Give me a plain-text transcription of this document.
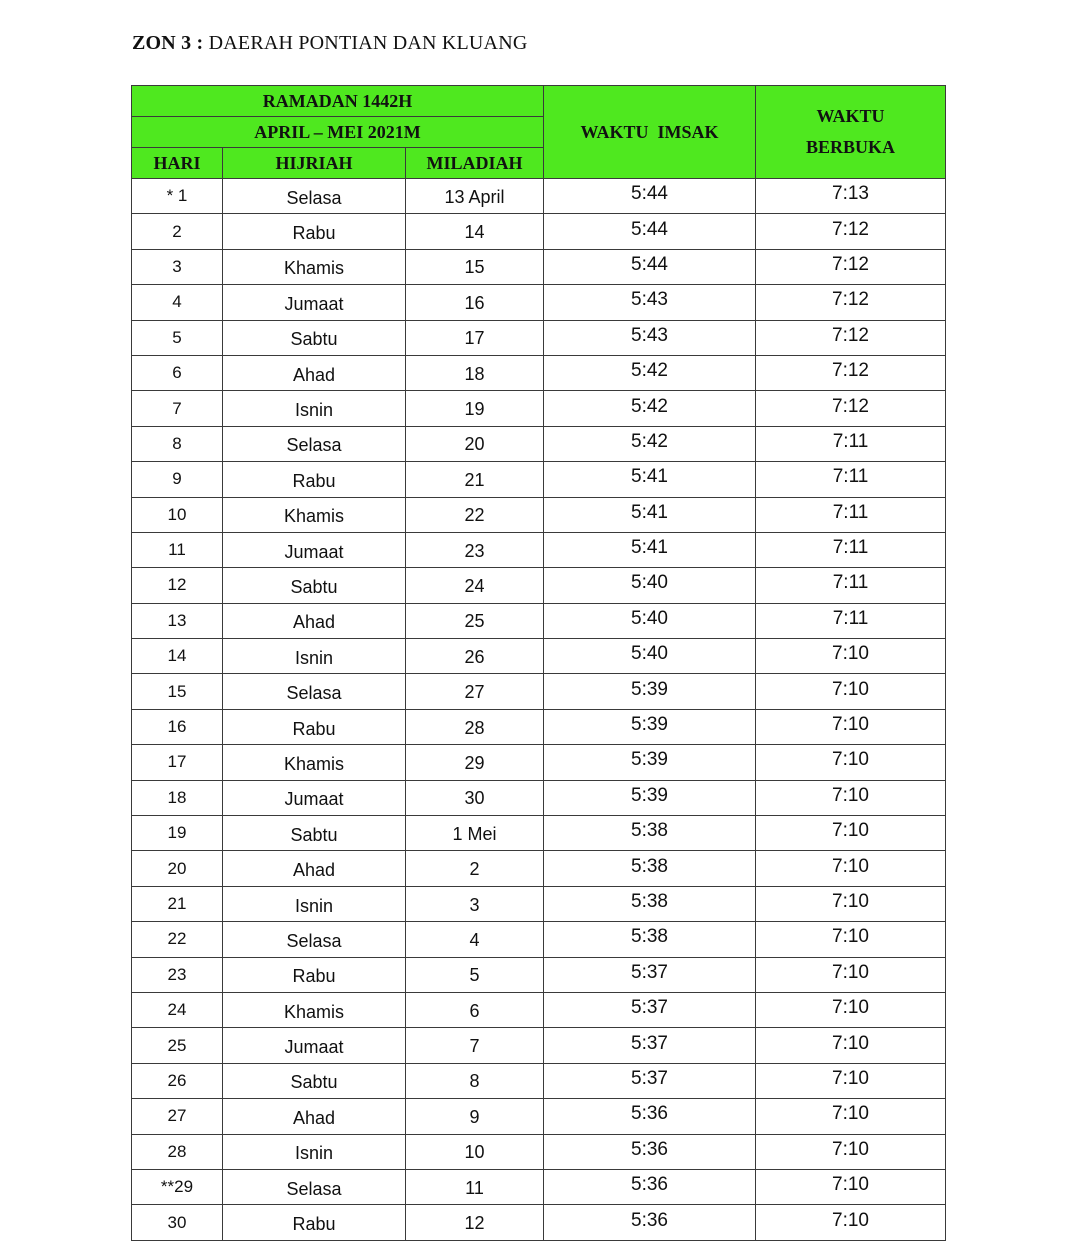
ZON 3 : DAERAH PONTIAN DAN KLUANG
RAMADAN 1442H			WAKTU  IMSAK	WAKTU
BERBUKA
APRIL – MEI 2021M				
HARI	HIJRIAH	MILADIAH		
* 1	Selasa	13 April	5:44	7:13
2	Rabu	14	5:44	7:12
3	Khamis	15	5:44	7:12
4	Jumaat	16	5:43	7:12
5	Sabtu	17	5:43	7:12
6	Ahad	18	5:42	7:12
7	Isnin	19	5:42	7:12
8	Selasa	20	5:42	7:11
9	Rabu	21	5:41	7:11
10	Khamis	22	5:41	7:11
11	Jumaat	23	5:41	7:11
12	Sabtu	24	5:40	7:11
13	Ahad	25	5:40	7:11
14	Isnin	26	5:40	7:10
15	Selasa	27	5:39	7:10
16	Rabu	28	5:39	7:10
17	Khamis	29	5:39	7:10
18	Jumaat	30	5:39	7:10
19	Sabtu	1 Mei	5:38	7:10
20	Ahad	2	5:38	7:10
21	Isnin	3	5:38	7:10
22	Selasa	4	5:38	7:10
23	Rabu	5	5:37	7:10
24	Khamis	6	5:37	7:10
25	Jumaat	7	5:37	7:10
26	Sabtu	8	5:37	7:10
27	Ahad	9	5:36	7:10
28	Isnin	10	5:36	7:10
**29	Selasa	11	5:36	7:10
30	Rabu	12	5:36	7:10
